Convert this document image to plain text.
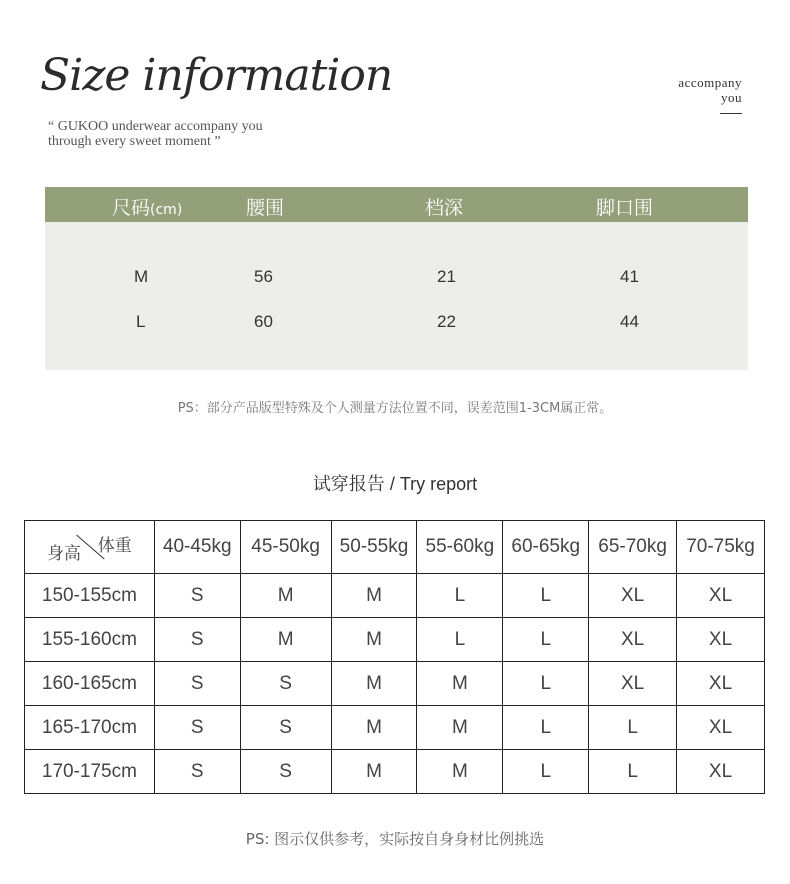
Size information
“ GUKOO underwear accompany you
through every sweet moment ”
accompany
you
尺码(cm)	腰围	档深	脚口围
M	56	21	41
L	60	22	44
PS：部分产品版型特殊及个人测量方法位置不同，误差范围1-3CM属正常。
试穿报告 / Try report
体重
身高	40-45kg	45-50kg	50-55kg	55-60kg	60-65kg	65-70kg	70-75kg
150-155cm	S	M	M	L	L	XL	XL
155-160cm	S	M	M	L	L	XL	XL
160-165cm	S	S	M	M	L	XL	XL
165-170cm	S	S	M	M	L	L	XL
170-175cm	S	S	M	M	L	L	XL
PS: 图示仅供参考，实际按自身身材比例挑选
